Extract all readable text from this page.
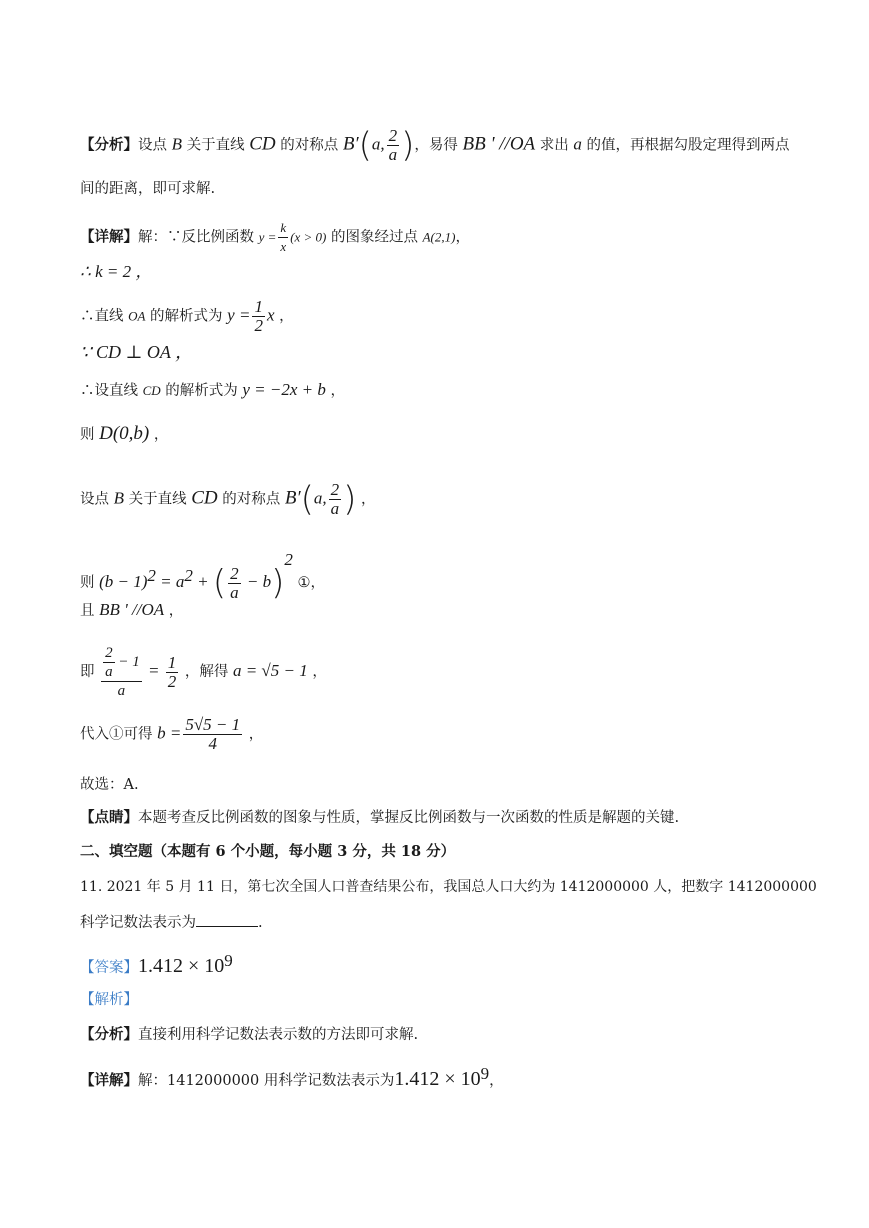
【分析】设点 B 关于直线 CD 的对称点 B′(a, $\frac{2}{a}$ )，易得 BB ' //OA 求出 a 的值，再根据勾股定理得到两点
间的距离，即可求解.
【详解】解：∵反比例函数 $y = \frac{k}{x} (x > 0)$ 的图象经过点 A(2,1)，
∴ k = 2 ，
∴直线 OA 的解析式为 $y = \frac{1}{2}$ x ，
∵ CD ⊥ OA ，
∴设直线 CD 的解析式为 y = −2x + b ，
则 D(0,b) ，
设点 B 关于直线 CD 的对称点 B′(a, $\frac{2}{a}$ ) ，
则 $(b - 1)^2 = a^2$ + ( $\frac{2}{a} - b)^2$ ①，
且 BB ' //OA ，
即 $\frac{\frac{2}{a} - 1}{a} = \frac{1}{2}$ ，解得 a = √5 − 1 ，
代入①可得 $b = \frac{5√5 - 1}{4}$ ，
故选：A.
【点睛】本题考查反比例函数的图象与性质，掌握反比例函数与一次函数的性质是解题的关键.
二、填空题（本题有 6 个小题，每小题 3 分，共 18 分）
11. 2021 年 5 月 11 日，第七次全国人口普查结果公布，我国总人口大约为 1412000000 人，把数字 1412000000
科学记数法表示为	.
【答案】$1.412 \times 10^9$
【解析】
【分析】直接利用科学记数法表示数的方法即可求解.
【详解】解：1412000000 用科学记数法表示为$1.412 \times 10^9$，
